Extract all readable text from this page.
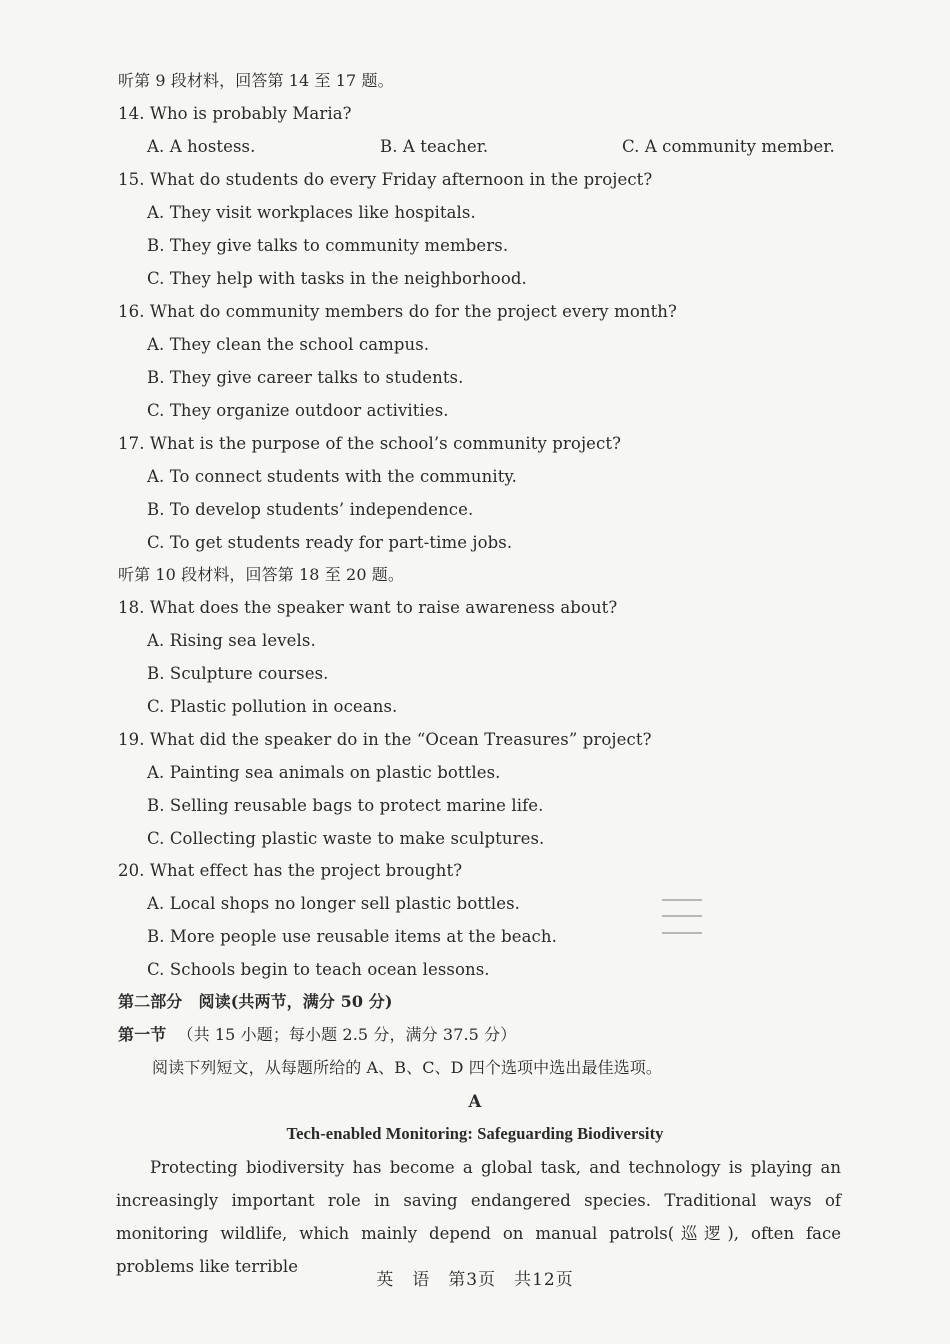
听第 9 段材料，回答第 14 至 17 题。
14. Who is probably Maria?
A. A hostess.	B. A teacher.	C. A community member.
15. What do students do every Friday afternoon in the project?
A. They visit workplaces like hospitals.
B. They give talks to community members.
C. They help with tasks in the neighborhood.
16. What do community members do for the project every month?
A. They clean the school campus.
B. They give career talks to students.
C. They organize outdoor activities.
17. What is the purpose of the school’s community project?
A. To connect students with the community.
B. To develop students’ independence.
C. To get students ready for part-time jobs.
听第 10 段材料，回答第 18 至 20 题。
18. What does the speaker want to raise awareness about?
A. Rising sea levels.
B. Sculpture courses.
C. Plastic pollution in oceans.
19. What did the speaker do in the “Ocean Treasures” project?
A. Painting sea animals on plastic bottles.
B. Selling reusable bags to protect marine life.
C. Collecting plastic waste to make sculptures.
20. What effect has the project brought?
A. Local shops no longer sell plastic bottles.
B. More people use reusable items at the beach.
C. Schools begin to teach ocean lessons.
第二部分　阅读(共两节，满分 50 分)
第一节 （共 15 小题；每小题 2.5 分，满分 37.5 分）
阅读下列短文，从每题所给的 A、B、C、D 四个选项中选出最佳选项。
A
Tech-enabled Monitoring: Safeguarding Biodiversity
Protecting biodiversity has become a global task, and technology is playing an increasingly important role in saving endangered species. Traditional ways of monitoring wildlife, which mainly depend on manual patrols(巡逻), often face problems like terrible
英　语　第3页　共12页
